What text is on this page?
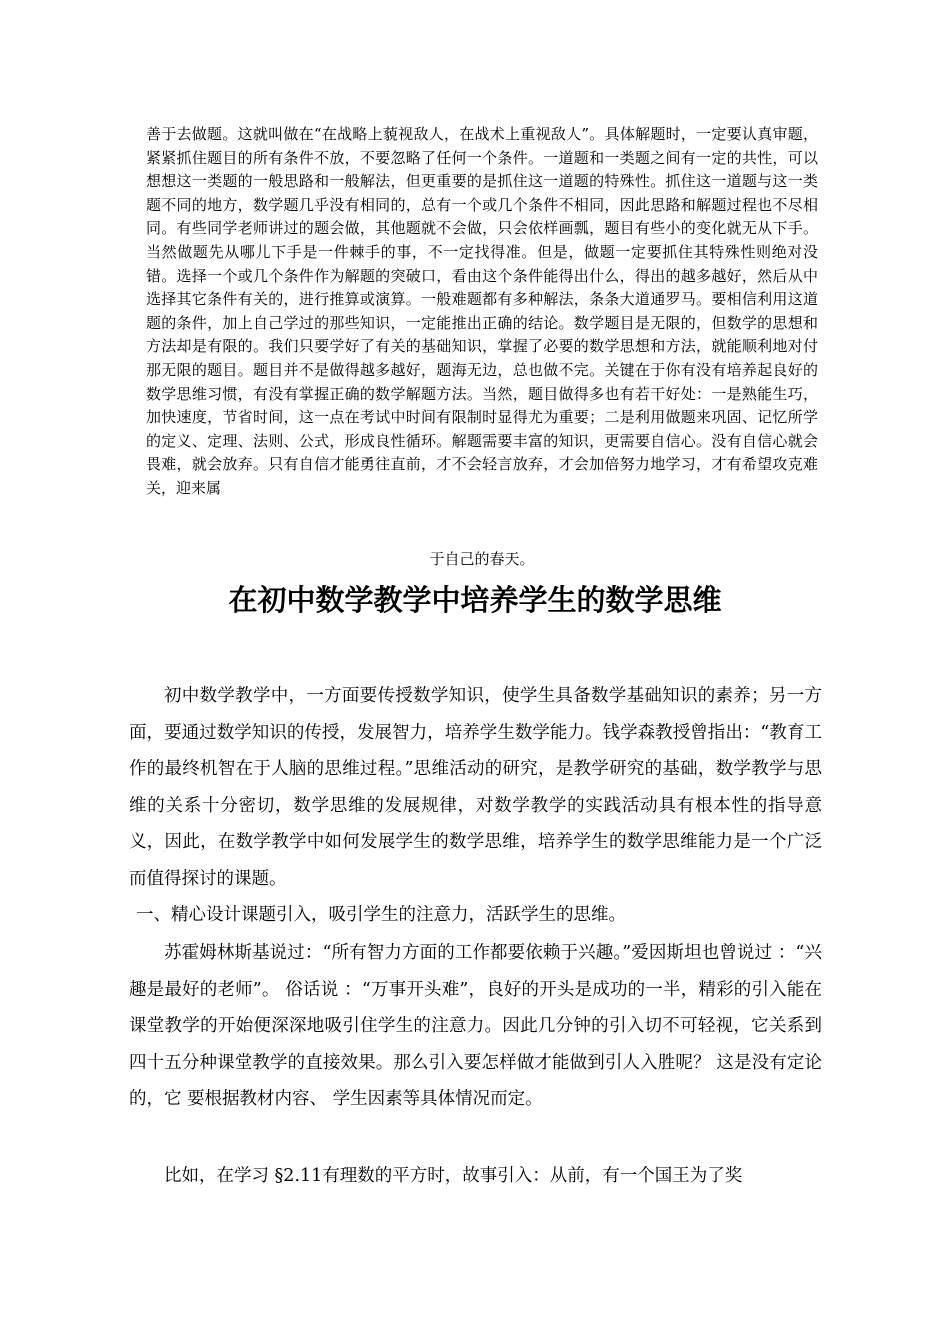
善于去做题。这就叫做在“在战略上藐视敌人，在战术上重视敌人”。具体解题时，一定要认真审题，紧紧抓住题目的所有条件不放，不要忽略了任何一个条件。一道题和一类题之间有一定的共性，可以想想这一类题的一般思路和一般解法，但更重要的是抓住这一道题的特殊性。抓住这一道题与这一类题不同的地方，数学题几乎没有相同的，总有一个或几个条件不相同，因此思路和解题过程也不尽相同。有些同学老师讲过的题会做，其他题就不会做，只会依样画瓢，题目有些小的变化就无从下手。当然做题先从哪儿下手是一件棘手的事，不一定找得准。但是，做题一定要抓住其特殊性则绝对没错。选择一个或几个条件作为解题的突破口，看由这个条件能得出什么，得出的越多越好，然后从中选择其它条件有关的，进行推算或演算。一般难题都有多种解法，条条大道通罗马。要相信利用这道题的条件，加上自己学过的那些知识，一定能推出正确的结论。数学题目是无限的，但数学的思想和方法却是有限的。我们只要学好了有关的基础知识，掌握了必要的数学思想和方法，就能顺利地对付那无限的题目。题目并不是做得越多越好，题海无边，总也做不完。关键在于你有没有培养起良好的数学思维习惯，有没有掌握正确的数学解题方法。当然，题目做得多也有若干好处：一是熟能生巧，加快速度，节省时间，这一点在考试中时间有限制时显得尤为重要；二是利用做题来巩固、记忆所学的定义、定理、法则、公式，形成良性循环。解题需要丰富的知识，更需要自信心。没有自信心就会畏难，就会放弃。只有自信才能勇往直前，才不会轻言放弃，才会加倍努力地学习，才有希望攻克难关，迎来属

于自己的春天。

在初中数学教学中培养学生的数学思维

初中数学教学中，一方面要传授数学知识，使学生具备数学基础知识的素养；另一方面，要通过数学知识的传授，发展智力，培养学生数学能力。钱学森教授曾指出：“教育工作的最终机智在于人脑的思维过程。”思维活动的研究，是教学研究的基础，数学教学与思维的关系十分密切，数学思维的发展规律，对数学教学的实践活动具有根本性的指导意义，因此，在数学教学中如何发展学生的数学思维，培养学生的数学思维能力是一个广泛而值得探讨的课题。

一、精心设计课题引入，吸引学生的注意力，活跃学生的思维。

苏霍姆林斯基说过：“所有智力方面的工作都要依赖于兴趣。”爱因斯坦也曾说过 ：“兴趣是最好的老师”。 俗话说 ：“万事开头难”，良好的开头是成功的一半，精彩的引入能在课堂教学的开始便深深地吸引住学生的注意力。因此几分钟的引入切不可轻视，它关系到四十五分种课堂教学的直接效果。那么引入要怎样做才能做到引人入胜呢？ 这是没有定论的，它 要根据教材内容、 学生因素等具体情况而定。

比如，在学习 §2.11有理数的平方时，故事引入：从前，有一个国王为了奖
